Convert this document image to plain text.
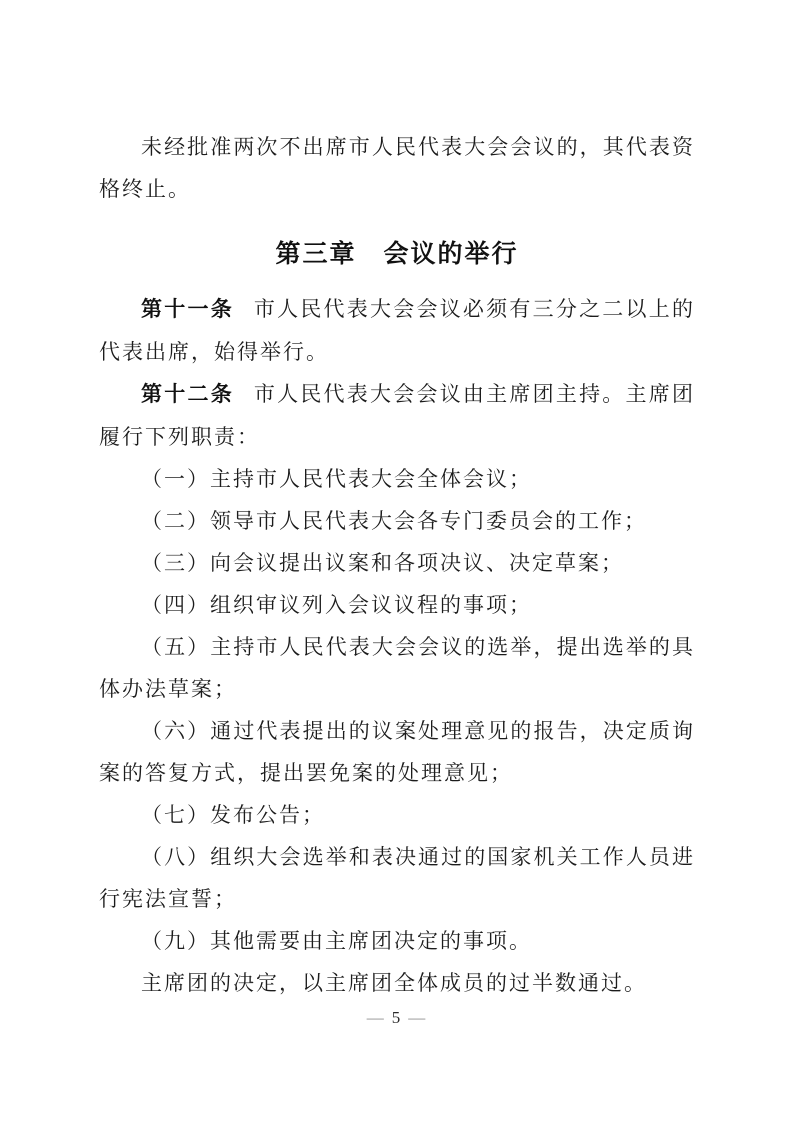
未经批准两次不出席市人民代表大会会议的，其代表资格终止。

第三章　会议的举行

第十一条 市人民代表大会会议必须有三分之二以上的代表出席，始得举行。

第十二条 市人民代表大会会议由主席团主持。主席团履行下列职责：

（一）主持市人民代表大会全体会议；

（二）领导市人民代表大会各专门委员会的工作；

（三）向会议提出议案和各项决议、决定草案；

（四）组织审议列入会议议程的事项；

（五）主持市人民代表大会会议的选举，提出选举的具体办法草案；

（六）通过代表提出的议案处理意见的报告，决定质询案的答复方式，提出罢免案的处理意见；

（七）发布公告；

（八）组织大会选举和表决通过的国家机关工作人员进行宪法宣誓；

（九）其他需要由主席团决定的事项。

主席团的决定，以主席团全体成员的过半数通过。

— 5 —
